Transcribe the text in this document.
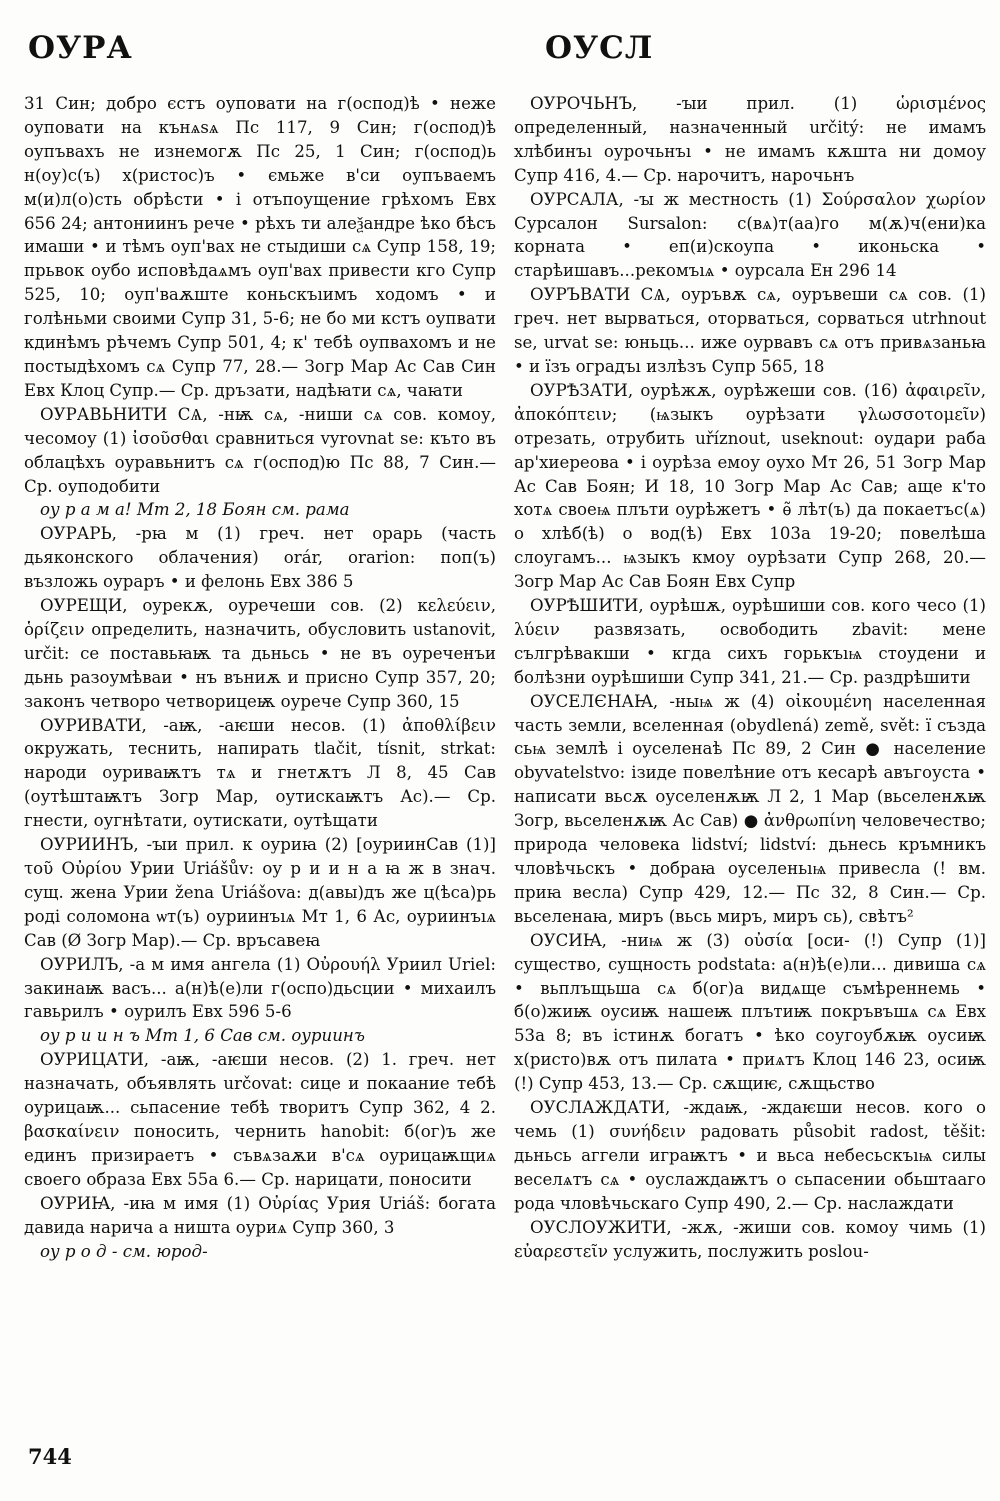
ОУРА	ОУСЛ

31 Син; добро єстъ оуповати на г(оспод)ѣ • неже оуповати на кънѧѕѧ Пс 117, 9 Син; г(оспод)ѣ оупъвахъ не изнемогѫ Пс 25, 1 Син; г(оспод)ь н(оу)с(ъ) х(ристос)ъ • ємьже в'си оупъваемъ м(и)л(о)сть обрѣсти • і отъпоущение грѣхомъ Евх 656 24; антониинъ рече • рѣхъ ти алеѯандре ѣко бѣсъ имаши • и тѣмъ оуп'вах не стыдиши сѧ Супр 158, 19; прьвок оубо исповѣдаѧмъ оуп'вах привести кго Супр 525, 10; оуп'ваѫште коньскъıимъ ходомъ • и голѣньми своими Супр 31, 5-6; не бо ми кстъ оупвати кдинѣмъ рѣчемъ Супр 501, 4; к' тебѣ оупвахомъ и не постыдѣхомъ сѧ Супр 77, 28.— Зогр Мар Ас Сав Син Евх Клоц Супр.— Ср. дръзати, надѣꙗти сѧ, чаꙗти

ОУРАВЬНИТИ СѦ, -нѭ сѧ, -ниши сѧ сов. комоу, чесомоу (1) ἰσοῦσθαι сравниться vyrovnat se: къто въ облацѣхъ оуравьнитъ сѧ г(оспод)ю Пс 88, 7 Син.— Ср. оуподобити

оу р а м а! Мт 2, 18 Боян см. рама

ОУРАРЬ, -рꙗ м (1) греч. нет орарь (часть дьяконского облачения) orár, orarion: поп(ъ) възложь оураръ • и фелонь Евх 386 5

ОУРЕЩИ, оурекѫ, оуречеши сов. (2) κελεύειν, ὁρίζειν определить, назначить, обусловить ustanovit, určit: се поставьꙗѭ та дьньсь • не въ оуреченъи дьнь разоумѣваи • нъ въниѫ и присно Супр 357, 20; законъ четворо четворицеѭ оурече Супр 360, 15

ОУРИВАТИ, -аѭ, -аѥши несов. (1) ἀποθλίβειν окружать, теснить, напирать tlačit, tísnit, strkat: народи оуриваѭтъ тѧ и гнетѫтъ Л 8, 45 Сав (оутѣштаѭтъ Зогр Мар, оутискаѭтъ Ас).— Ср. гнести, оугнѣтати, оутискати, оутѣщати

ОУРИИНЪ, -ꙑи прил. к оуриꙗ (2) [оуриинСав (1)] τοῦ Οὐρίου Урии Uriášův: оу р и и н а ꙗ ж в знач. сущ. жена Урии žena Uriášova: д(авы)дъ же ц(ѣса)рь роді соломона ѡт(ъ) оуриинъıѧ Мт 1, 6 Ас, оуриинъıѧ Сав (Ø Зогр Мар).— Ср. връсавеꙗ

ОУРИЛЪ, -а м имя ангела (1) Οὐρουήλ Уриил Uriel: закинаѭ васъ... а(н)ѣ(е)ли г(оспо)дьсции • михаилъ гавьрилъ • оурилъ Евх 596 5-6

оу р и и н ъ Мт 1, 6 Сав см. оуриинъ

ОУРИЦАТИ, -аѭ, -аѥши несов. (2) 1. греч. нет назначать, объявлять určovat: сице и покаание тебѣ оурицаѭ... сьпасение тебѣ творитъ Супр 362, 4 2. βασκαίνειν поносить, чернить hanobit: б(ог)ъ же единъ призираетъ • съвѧзаѫи в'сѧ оурицаѭщиѧ своего образа Евх 55а 6.— Ср. нарицати, поносити

ОУРИꙖ, -иꙗ м имя (1) Οὐρίας Урия Uriáš: богата давида нарича а ништа оуриѧ Супр 360, 3

оу р о д - см. юрод-

ОУРОЧЬНЪ, -ꙑи прил. (1) ὡρισμένος определенный, назначенный určitý: не имамъ хлѣбинъı оурочьнъı • не имамъ кѫшта ни домоу Супр 416, 4.— Ср. нарочитъ, нарочьнъ

ОУРСАЛА, -ꙑ ж местность (1) Σούρσαλον χωρίον Сурсалон Sursalon: с(вѧ)т(аа)го м(ѫ)ч(ени)ка корната • еп(и)скоупа • иконьска • старѣишавъ...рекомъıѧ • оурсала Ен 296 14

ОУРЪВАТИ СѦ, оуръвѫ сѧ, оуръвеши сѧ сов. (1) греч. нет вырваться, оторваться, сорваться utrhnout se, urvat se: юньць... иже оурвавъ сѧ отъ привѧзаньꙗ • и їзъ оградъı излѣзъ Супр 565, 18

ОУРѢЗАТИ, оурѣжѫ, оурѣжеши сов. (16) ἀφαιρεῖν, ἀποκόπτειν; (ѩзыкъ оурѣзати γλωσσοτομεῖν) отрезать, отрубить uříznout, useknout: оудари раба ар'хиереова • і оурѣза емоу оухо Мт 26, 51 Зогр Мар Ас Сав Боян; И 18, 10 Зогр Мар Ас Сав; аще к'то хотѧ своеѩ плъти оурѣжетъ • ѳ̃ лѣт(ъ) да покаетъс(ѧ) о хлѣб(ѣ) о вод(ѣ) Евх 103а 19-20; повелѣша слоугамъ... ѩзыкъ кмоу оурѣзати Супр 268, 20.— Зогр Мар Ас Сав Боян Евх Супр

ОУРѢШИТИ, оурѣшѫ, оурѣшиши сов. кого чесо (1) λύειν развязать, освободить zbavit: мене сългрѣвакши • кгда сихъ горькъıѩ стоудени и болѣзни оурѣшиши Супр 341, 21.— Ср. раздрѣшити

ОУСЕЛЄНАꙖ, -ныѩ ж (4) οἰκουμένη населенная часть земли, вселенная (obydlená) země, svět: ї създа сьѩ землѣ і оуселенаѣ Пс 89, 2 Син ● население obyvatelstvo: ізиде повелѣние отъ кесарѣ авъгоуста • написати вьсѫ оуселенѫѭ Л 2, 1 Мар (вьселенѫѭ Зогр, вьселенѫѭ Ас Сав) ● ἀνθρωπίνη человечество; природа человека lidství; lidství: дьнесь кръмникъ чловѣчьскъ • добраꙗ оуселеньıѩ привесла (! вм. приꙗ весла) Супр 429, 12.— Пс 32, 8 Син.— Ср. вьселенаꙗ, миръ (вьсь миръ, миръ сь), свѣтъ²

ОУСИꙖ, -ниѩ ж (3) οὐσία [оси- (!) Супр (1)] существо, сущность podstata: а(н)ѣ(е)ли... дивиша сѧ • вьплъщьша сѧ б(ог)а видѧще съмѣреннемь • б(о)жиѭ оусиѭ нашеѭ плътиѭ покръвъшѧ сѧ Евх 53а 8; въ істинѫ богатъ • ѣко соугоубѫѭ оусиѭ х(ристо)вѫ отъ пилата • приѧтъ Клоц 146 23, осиѭ (!) Супр 453, 13.— Ср. сѫщиѥ, сѫщьство

ОУСЛАЖДАТИ, -ждаѭ, -ждаѥши несов. кого о чемь (1) συνήδειν радовать působit radost, těšit: дьньсь аггели играѭтъ • и вьса небесьскъıѩ силы веселѧтъ сѧ • оуслаждаѭтъ о сьпасении обьштааго рода чловѣчьскаго Супр 490, 2.— Ср. наслаждати

ОУСЛОУЖИТИ, -жѫ, -жиши сов. комоу чимь (1) εὐαρεστεῖν услужить, послужить poslou-

744
